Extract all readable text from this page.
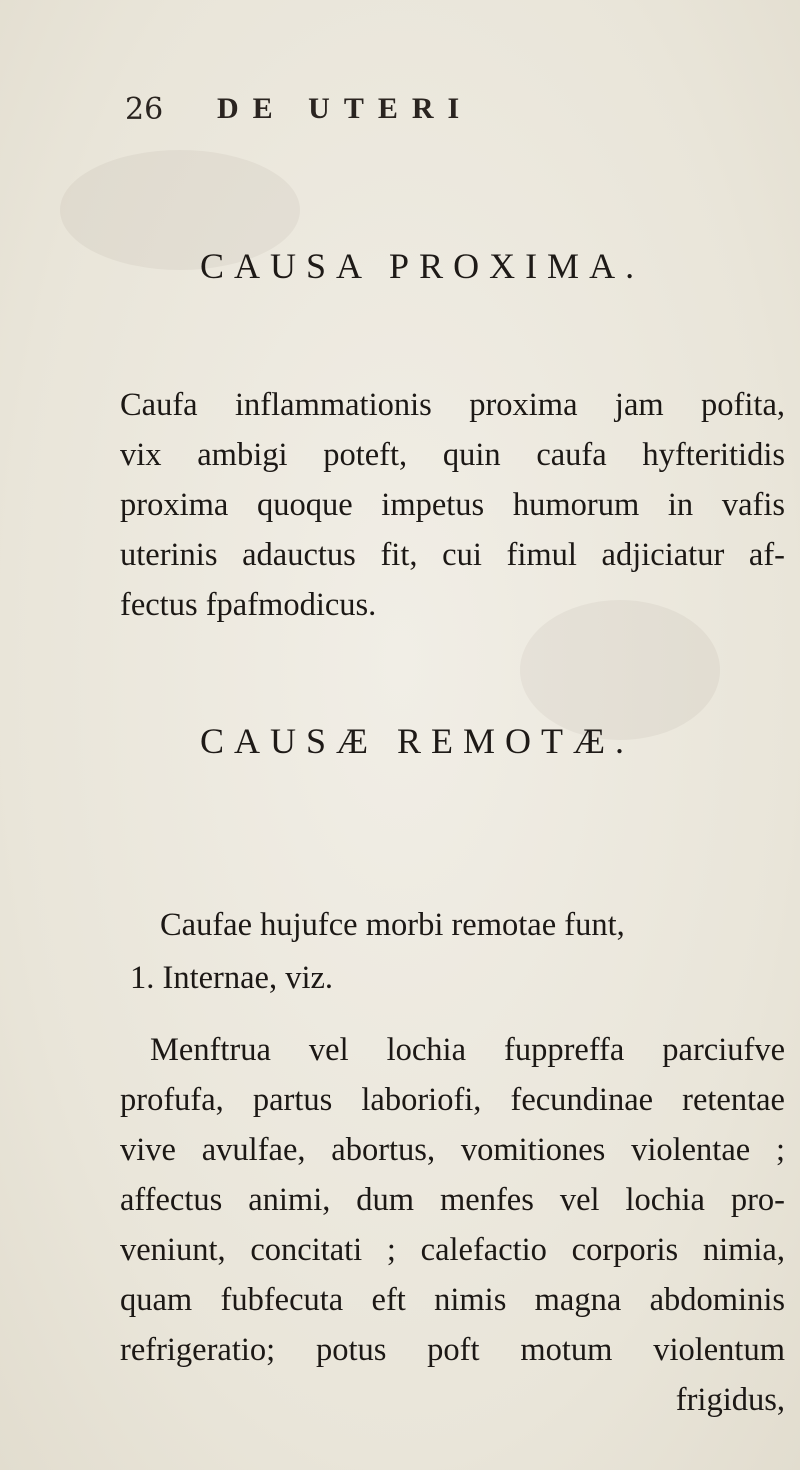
26 DE UTERI
CAUSA PROXIMA.
Caufa inflammationis proxima jam pofita,
vix ambigi poteft, quin caufa hyfteritidis
proxima quoque impetus humorum in vafis
uterinis adauctus fit, cui fimul adjiciatur af-
fectus fpafmodicus.
CAUSÆ REMOTÆ.
Caufae hujufce morbi remotae funt,
1. Internae, viz.
Menftrua vel lochia fuppreffa parciufve
profufa, partus laboriofi, fecundinae retentae
vive avulfae, abortus, vomitiones violentae ;
affectus animi, dum menfes vel lochia pro-
veniunt, concitati ; calefactio corporis nimia,
quam fubfecuta eft nimis magna abdominis
refrigeratio; potus poft motum violentum
frigidus,
